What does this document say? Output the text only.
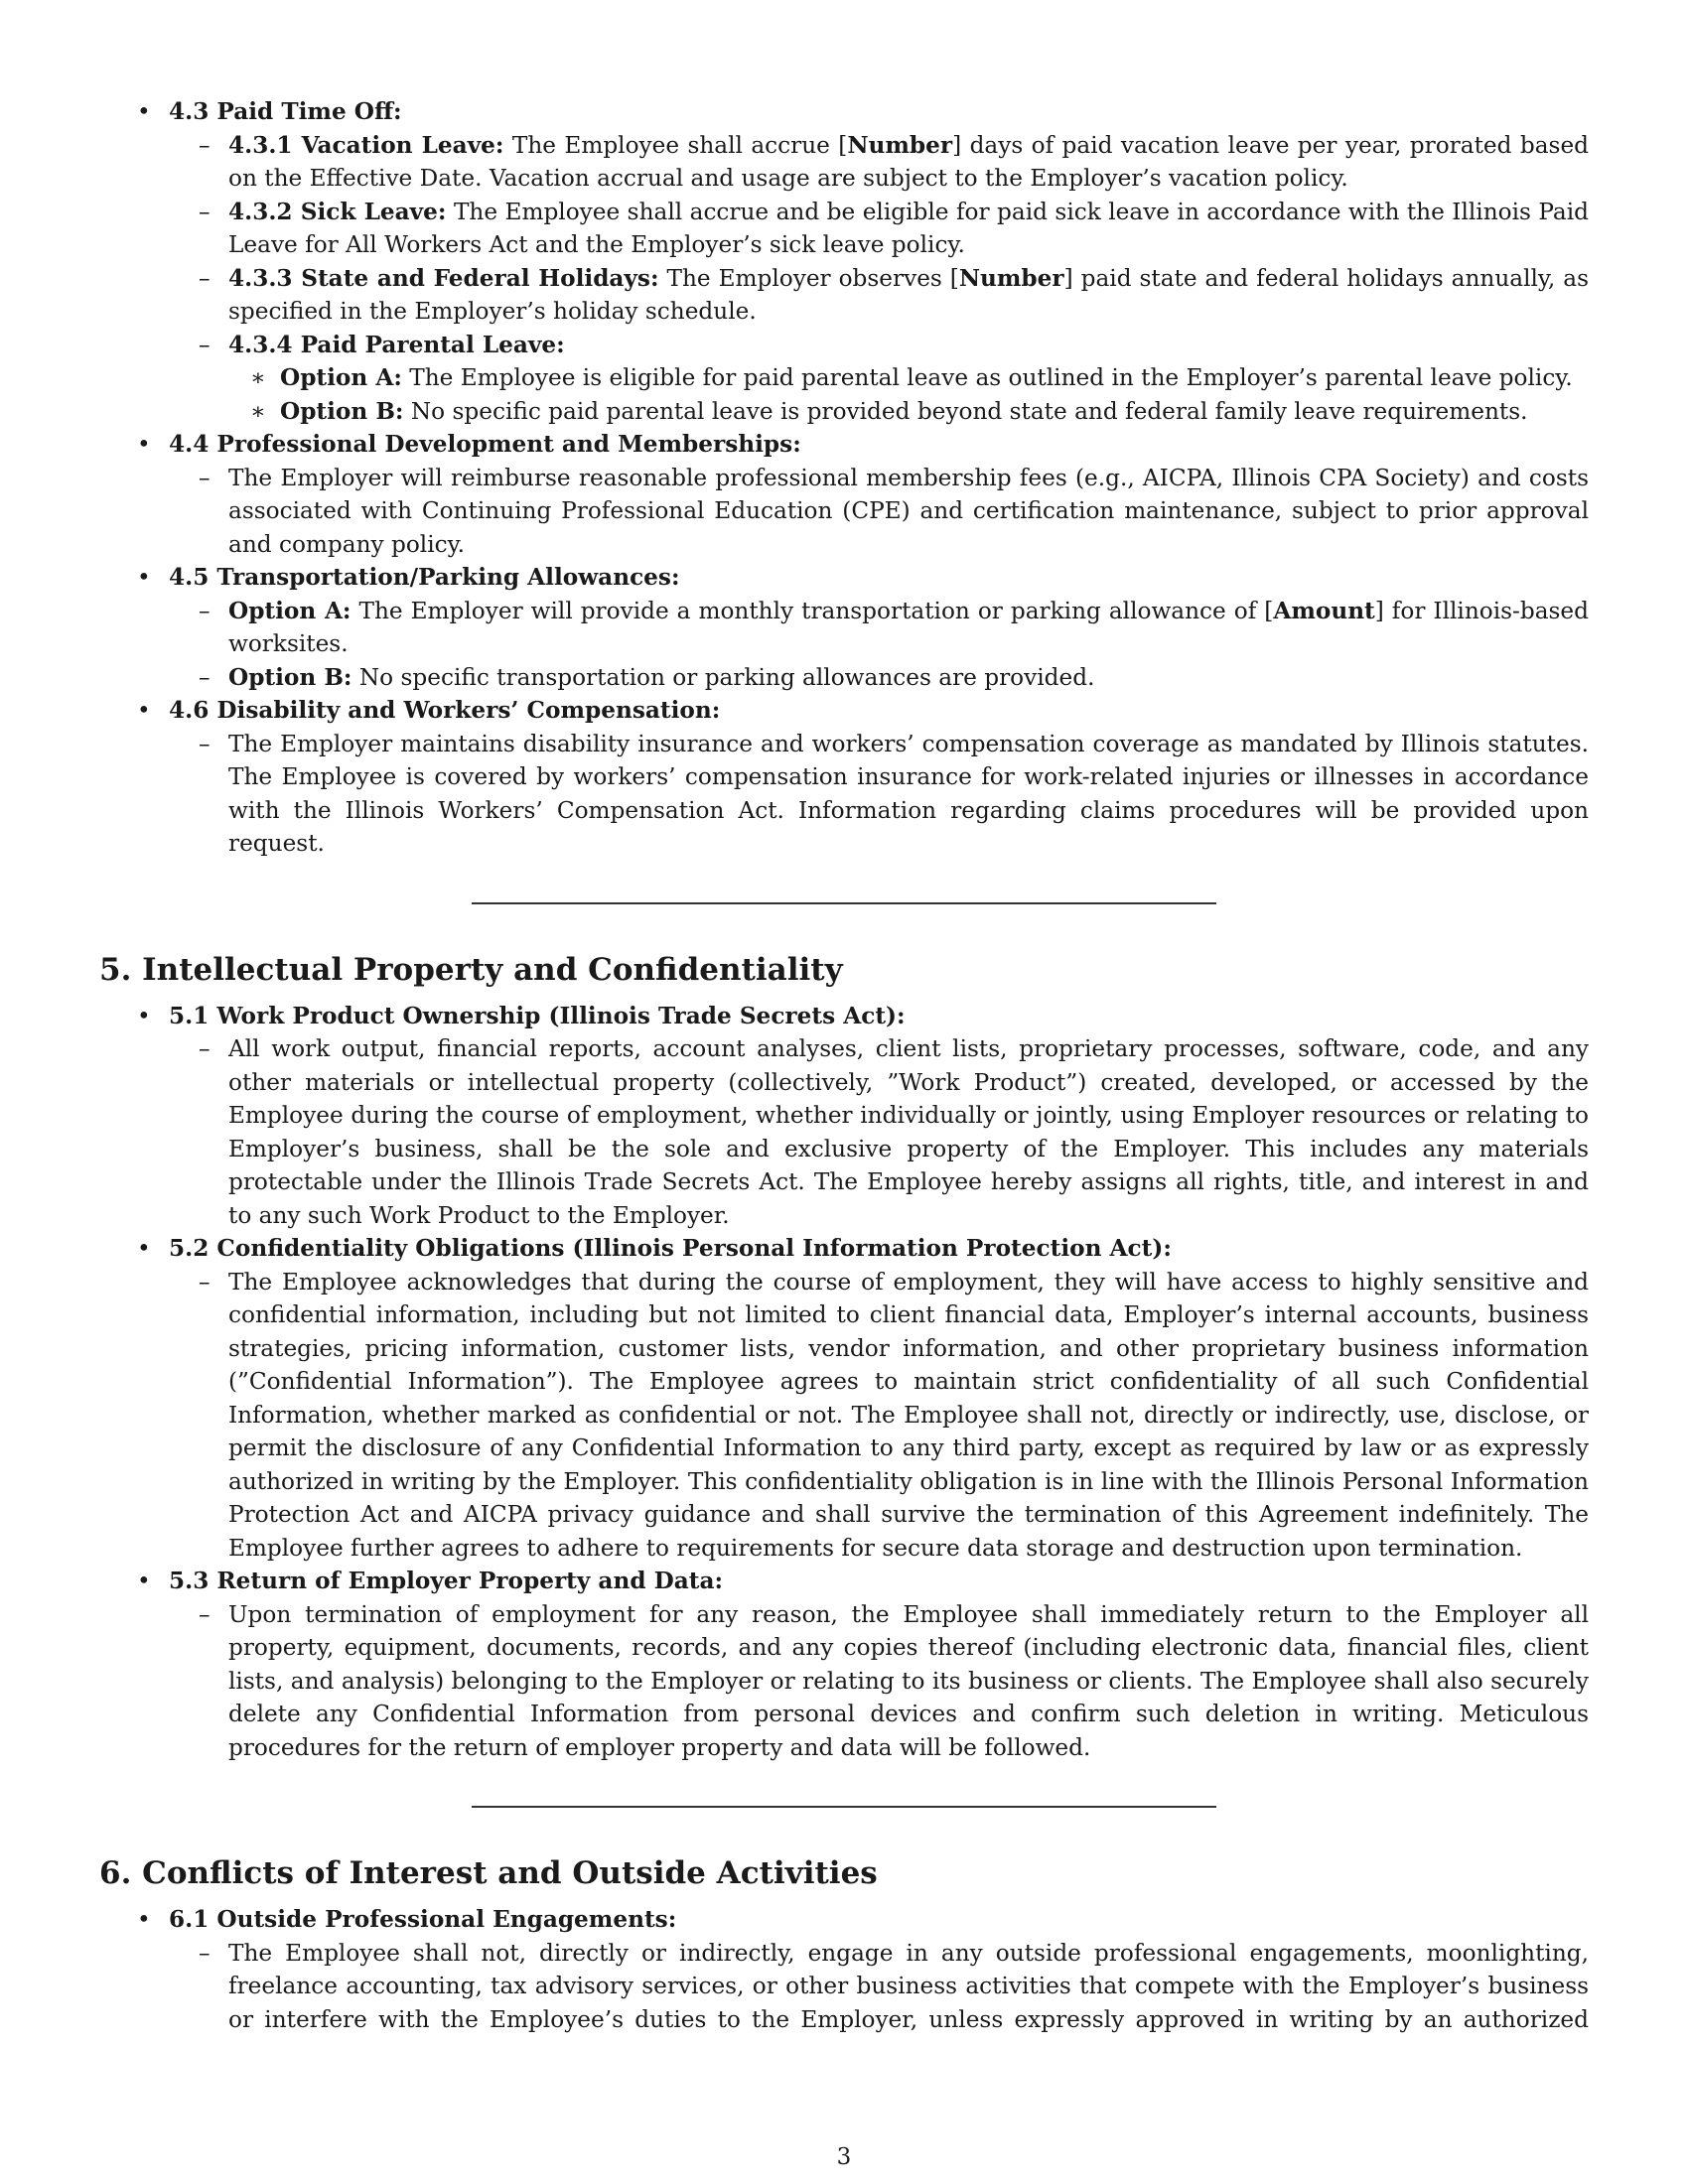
• 4.3 Paid Time Off:
– 4.3.1 Vacation Leave: The Employee shall accrue [Number] days of paid vacation leave per year, prorated based on the Effective Date. Vacation accrual and usage are subject to the Employer’s vacation policy.

– 4.3.2 Sick Leave: The Employee shall accrue and be eligible for paid sick leave in accordance with the Illinois Paid Leave for All Workers Act and the Employer’s sick leave policy.

– 4.3.3 State and Federal Holidays: The Employer observes [Number] paid state and federal holidays annually, as specified in the Employer’s holiday schedule.

– 4.3.4 Paid Parental Leave:

∗ Option A: The Employee is eligible for paid parental leave as outlined in the Employer’s parental leave policy.

∗ Option B: No specific paid parental leave is provided beyond state and federal family leave requirements.

• 4.4 Professional Development and Memberships:
– The Employer will reimburse reasonable professional membership fees (e.g., AICPA, Illinois CPA Society) and costs associated with Continuing Professional Education (CPE) and certification maintenance, subject to prior approval and company policy.

• 4.5 Transportation/Parking Allowances:
– Option A: The Employer will provide a monthly transportation or parking allowance of [Amount] for Illinois-based worksites.

– Option B: No specific transportation or parking allowances are provided.

• 4.6 Disability and Workers’ Compensation:
– The Employer maintains disability insurance and workers’ compensation coverage as mandated by Illinois statutes. The Employee is covered by workers’ compensation insurance for work-related injuries or illnesses in accordance with the Illinois Workers’ Compensation Act. Information regarding claims procedures will be provided upon request.

5. Intellectual Property and Confidentiality
• 5.1 Work Product Ownership (Illinois Trade Secrets Act):
– All work output, financial reports, account analyses, client lists, proprietary processes, software, code, and any other materials or intellectual property (collectively, ”Work Product”) created, developed, or accessed by the Employee during the course of employment, whether individually or jointly, using Employer resources or relating to Employer’s business, shall be the sole and exclusive property of the Employer. This includes any materials protectable under the Illinois Trade Secrets Act. The Employee hereby assigns all rights, title, and interest in and to any such Work Product to the Employer.

• 5.2 Confidentiality Obligations (Illinois Personal Information Protection Act):
– The Employee acknowledges that during the course of employment, they will have access to highly sensitive and confidential information, including but not limited to client financial data, Employer’s internal accounts, business strategies, pricing information, customer lists, vendor information, and other proprietary business information (”Confidential Information”). The Employee agrees to maintain strict confidentiality of all such Confidential Information, whether marked as confidential or not. The Employee shall not, directly or indirectly, use, disclose, or permit the disclosure of any Confidential Information to any third party, except as required by law or as expressly authorized in writing by the Employer. This confidentiality obligation is in line with the Illinois Personal Information Protection Act and AICPA privacy guidance and shall survive the termination of this Agreement indefinitely. The Employee further agrees to adhere to requirements for secure data storage and destruction upon termination.

• 5.3 Return of Employer Property and Data:
– Upon termination of employment for any reason, the Employee shall immediately return to the Employer all property, equipment, documents, records, and any copies thereof (including electronic data, financial files, client lists, and analysis) belonging to the Employer or relating to its business or clients. The Employee shall also securely delete any Confidential Information from personal devices and confirm such deletion in writing. Meticulous procedures for the return of employer property and data will be followed.

6. Conflicts of Interest and Outside Activities
• 6.1 Outside Professional Engagements:
– The Employee shall not, directly or indirectly, engage in any outside professional engagements, moonlighting, freelance accounting, tax advisory services, or other business activities that compete with the Employer’s business or interfere with the Employee’s duties to the Employer, unless expressly approved in writing by an authorized

3
